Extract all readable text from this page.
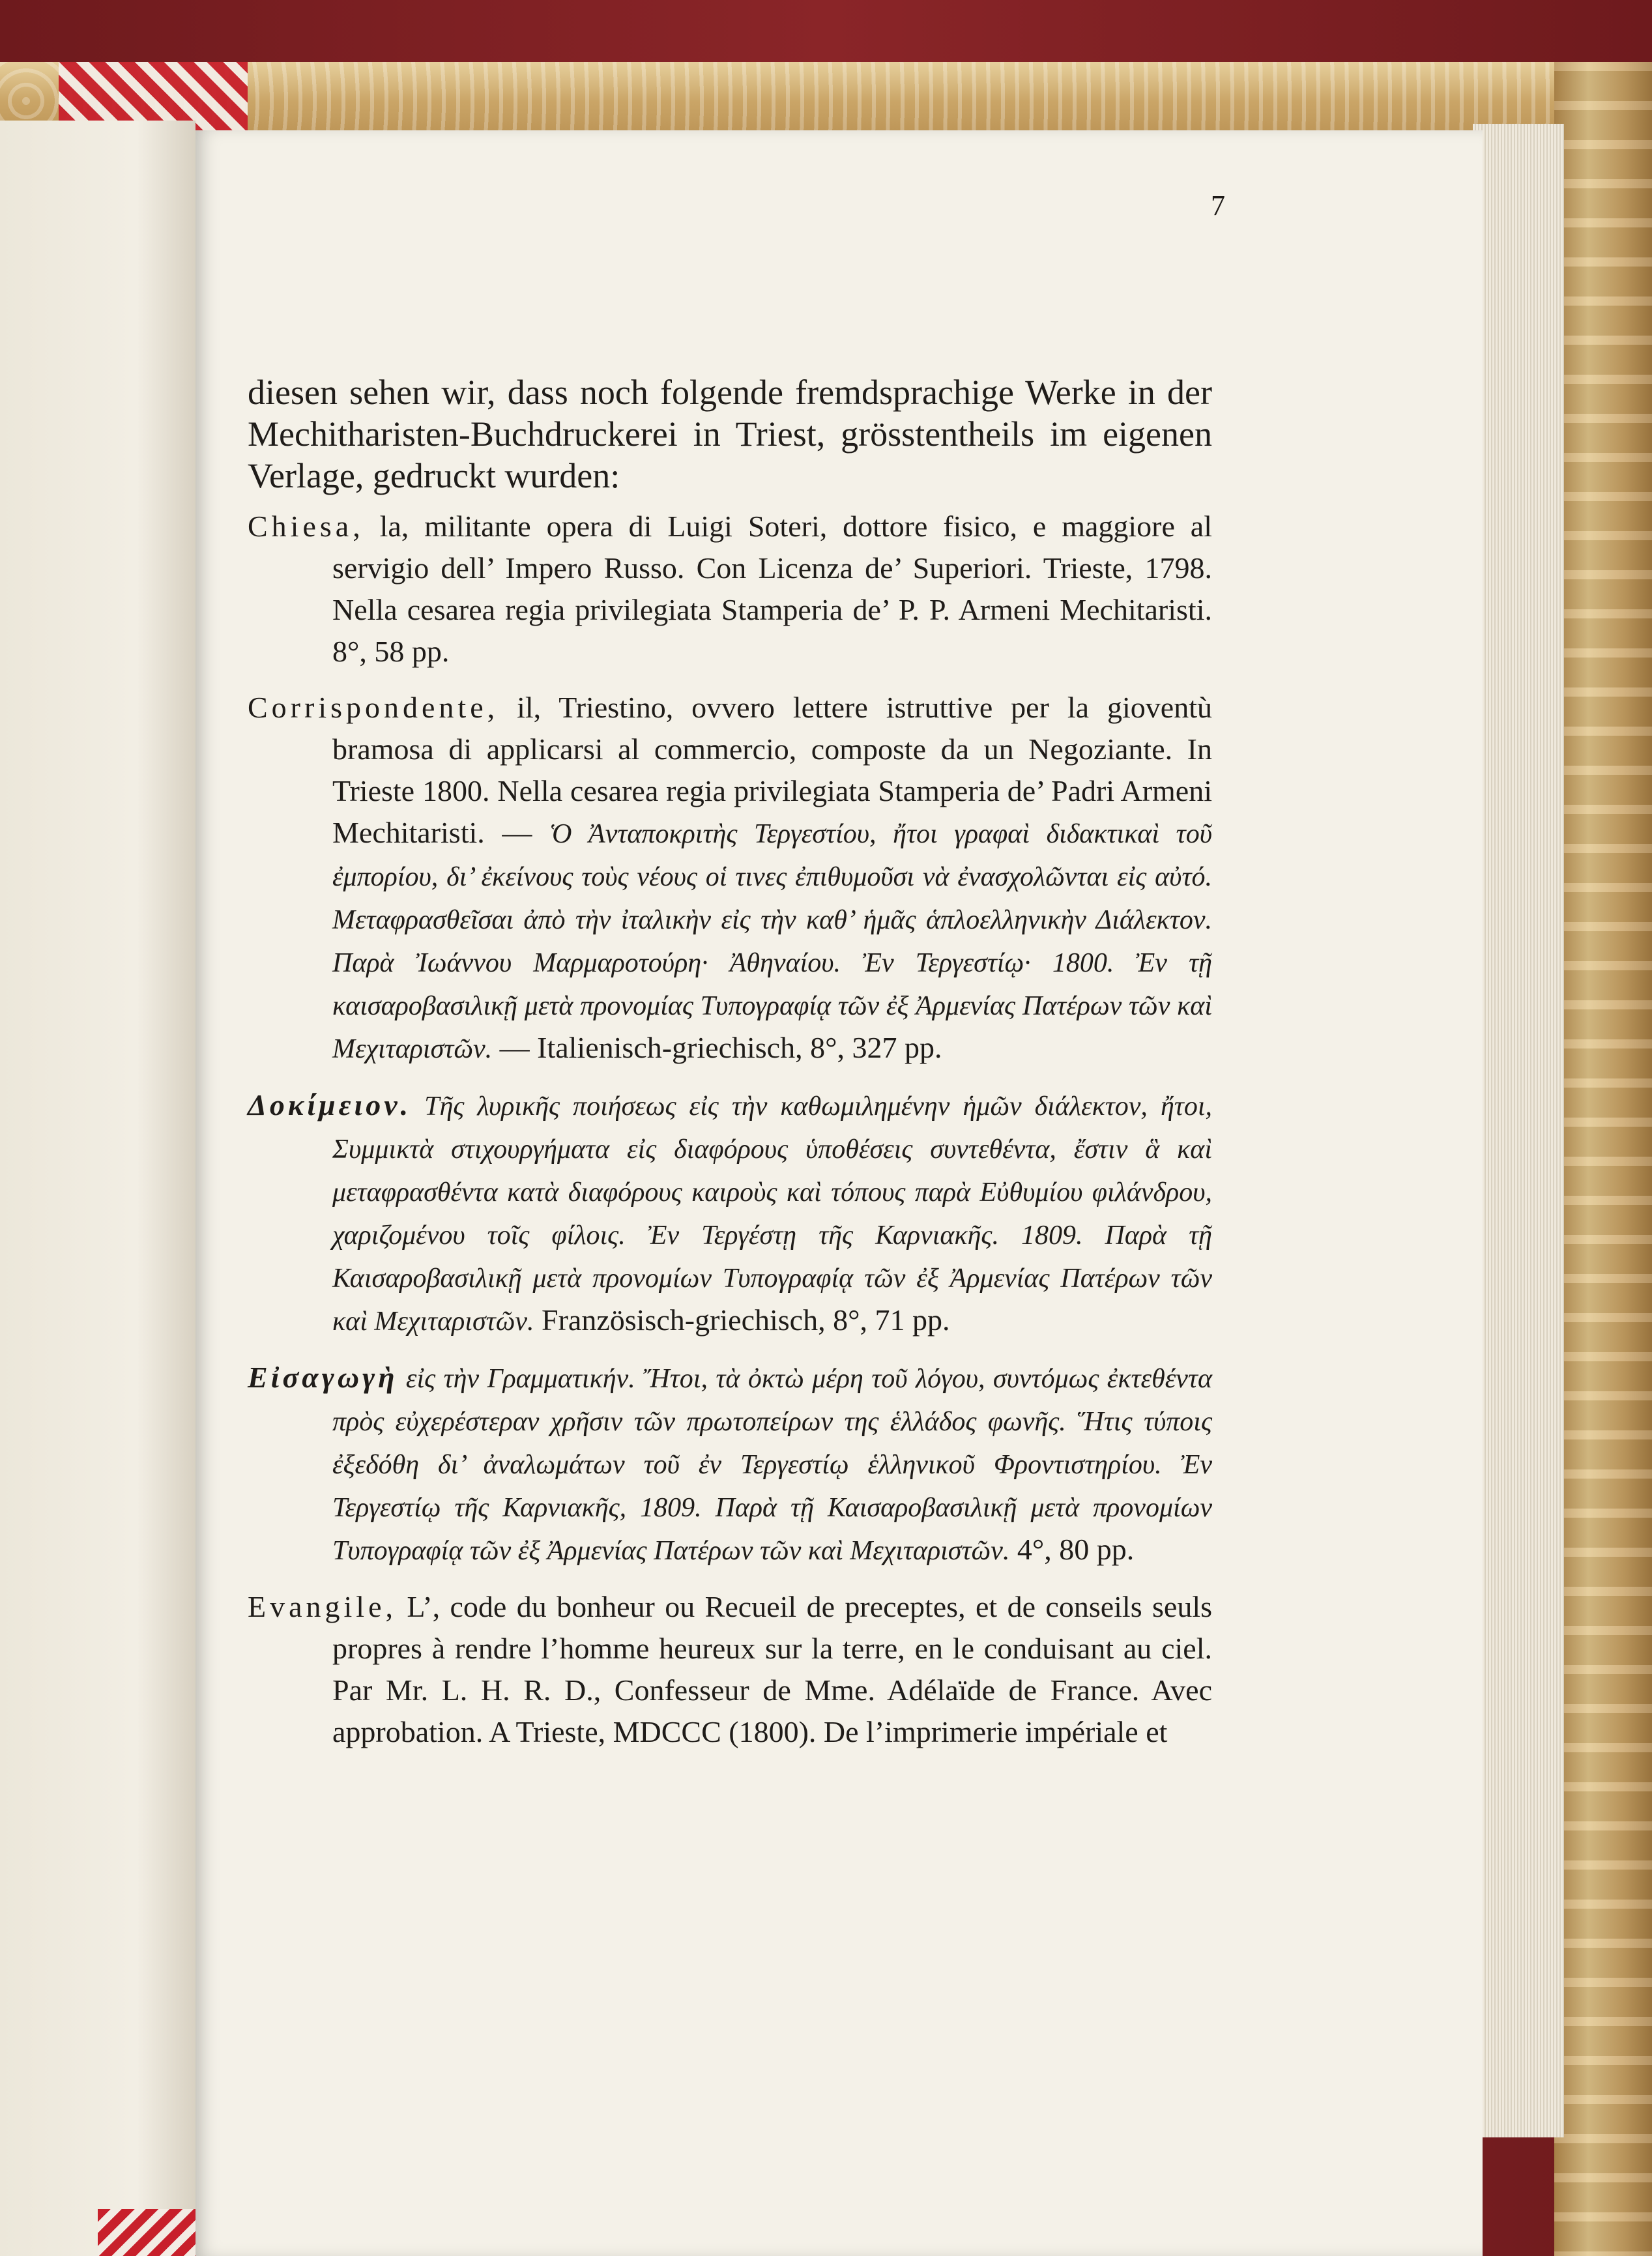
7

diesen sehen wir, dass noch folgende fremdsprachige Werke in der Mechitharisten-Buchdruckerei in Triest, grösstentheils im eigenen Verlage, gedruckt wurden:

Chiesa, la, militante opera di Luigi Soteri, dottore fisico, e maggiore al servigio dell’ Impero Russo. Con Licenza de’ Superiori. Trieste, 1798. Nella cesarea regia privilegiata Stamperia de’ P. P. Armeni Mechitaristi. 8°, 58 pp.

Corrispondente, il, Triestino, ovvero lettere istruttive per la gioventù bramosa di applicarsi al commercio, composte da un Negoziante. In Trieste 1800. Nella cesarea regia privilegiata Stamperia de’ Padri Armeni Mechitaristi. — Ὁ Ἀνταποκριτὴς Τεργεστίου, ἤτοι γραφαὶ διδακτικαὶ τοῦ ἐμπορίου, δι’ ἐκείνους τοὺς νέους οἱ τινες ἐπιθυμοῦσι νὰ ἐνασχολῶνται εἰς αὐτό. Μεταφρασθεῖσαι ἀπὸ τὴν ἰταλικὴν εἰς τὴν καθ’ ἡμᾶς ἁπλοελληνικὴν Διάλεκτον. Παρὰ Ἰωάννου Μαρμαροτούρη· Ἀθηναίου. Ἐν Τεργεστίῳ· 1800. Ἐν τῇ καισαροβασιλικῇ μετὰ προνομίας Τυπογραφίᾳ τῶν ἐξ Ἀρμενίας Πατέρων τῶν καὶ Μεχιταριστῶν. — Italienisch-griechisch, 8°, 327 pp.

Δοκίμειον. Τῆς λυρικῆς ποιήσεως εἰς τὴν καθωμιλημένην ἡμῶν διάλεκτον, ἤτοι, Συμμικτὰ στιχουργήματα εἰς διαφόρους ὑποθέσεις συντεθέντα, ἔστιν ἃ καὶ μεταφρασθέντα κατὰ διαφόρους καιροὺς καὶ τόπους παρὰ Εὐθυμίου φιλάνδρου, χαριζομένου τοῖς φίλοις. Ἐν Τεργέστῃ τῆς Καρνιακῆς. 1809. Παρὰ τῇ Καισαροβασιλικῇ μετὰ προνομίων Τυπογραφίᾳ τῶν ἐξ Ἀρμενίας Πατέρων τῶν καὶ Μεχιταριστῶν. Französisch-griechisch, 8°, 71 pp.

Εἰσαγωγὴ εἰς τὴν Γραμματικήν. Ἤτοι, τὰ ὀκτὼ μέρη τοῦ λόγου, συντόμως ἐκτεθέντα πρὸς εὐχερέστεραν χρῆσιν τῶν πρωτοπείρων της ἑλλάδος φωνῆς. Ἥτις τύποις ἐξεδόθη δι’ ἀναλωμάτων τοῦ ἐν Τεργεστίῳ ἑλληνικοῦ Φροντιστηρίου. Ἐν Τεργεστίῳ τῆς Καρνιακῆς, 1809. Παρὰ τῇ Καισαροβασιλικῇ μετὰ προνομίων Τυπογραφίᾳ τῶν ἐξ Ἀρμενίας Πατέρων τῶν καὶ Μεχιταριστῶν. 4°, 80 pp.

Evangile, L’, code du bonheur ou Recueil de preceptes, et de conseils seuls propres à rendre l’homme heureux sur la terre, en le conduisant au ciel. Par Mr. L. H. R. D., Confesseur de Mme. Adélaïde de France. Avec approbation. A Trieste, MDCCC (1800). De l’imprimerie impériale et
